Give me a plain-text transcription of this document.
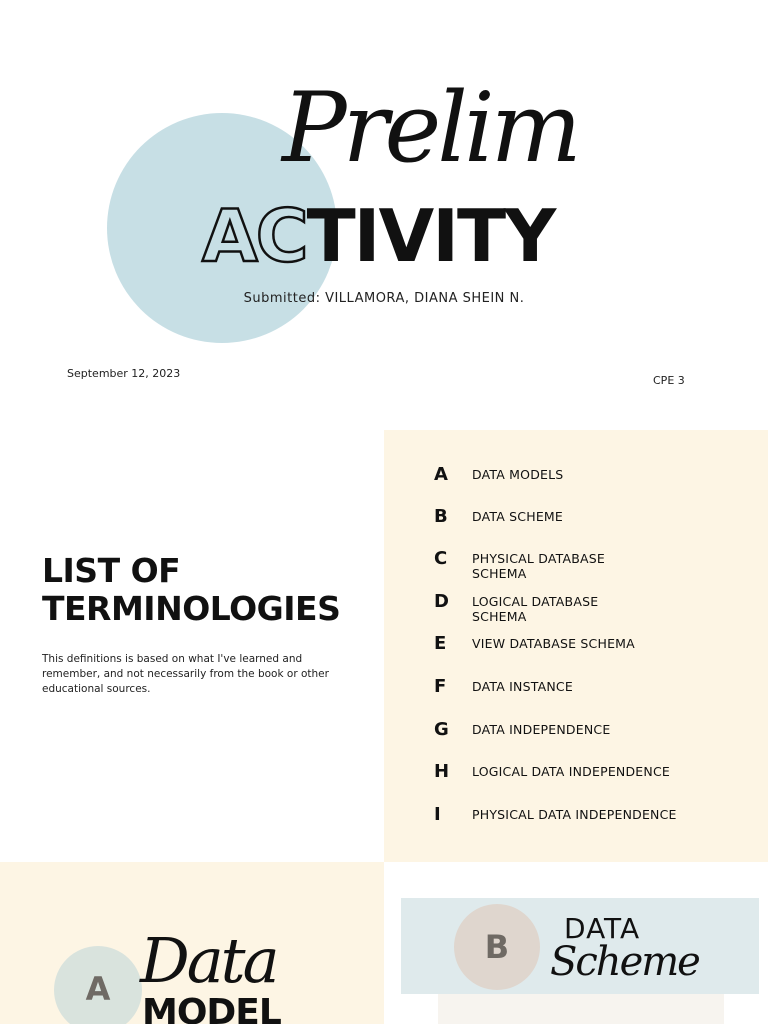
Prelim
ACTIVITY
Submitted: VILLAMORA, DIANA SHEIN N.
September 12, 2023
CPE 3
LIST OF
TERMINOLOGIES
This definitions is based on what I've learned and remember, and not necessarily from the book or other educational sources.
A	DATA MODELS
B	DATA SCHEME
C	PHYSICAL DATABASE SCHEMA
D	LOGICAL DATABASE SCHEMA
E	VIEW DATABASE SCHEMA
F	DATA INSTANCE
G	DATA INDEPENDENCE
H	LOGICAL DATA INDEPENDENCE
I	PHYSICAL DATA INDEPENDENCE
A Data
MODEL
B	DATA
Scheme
